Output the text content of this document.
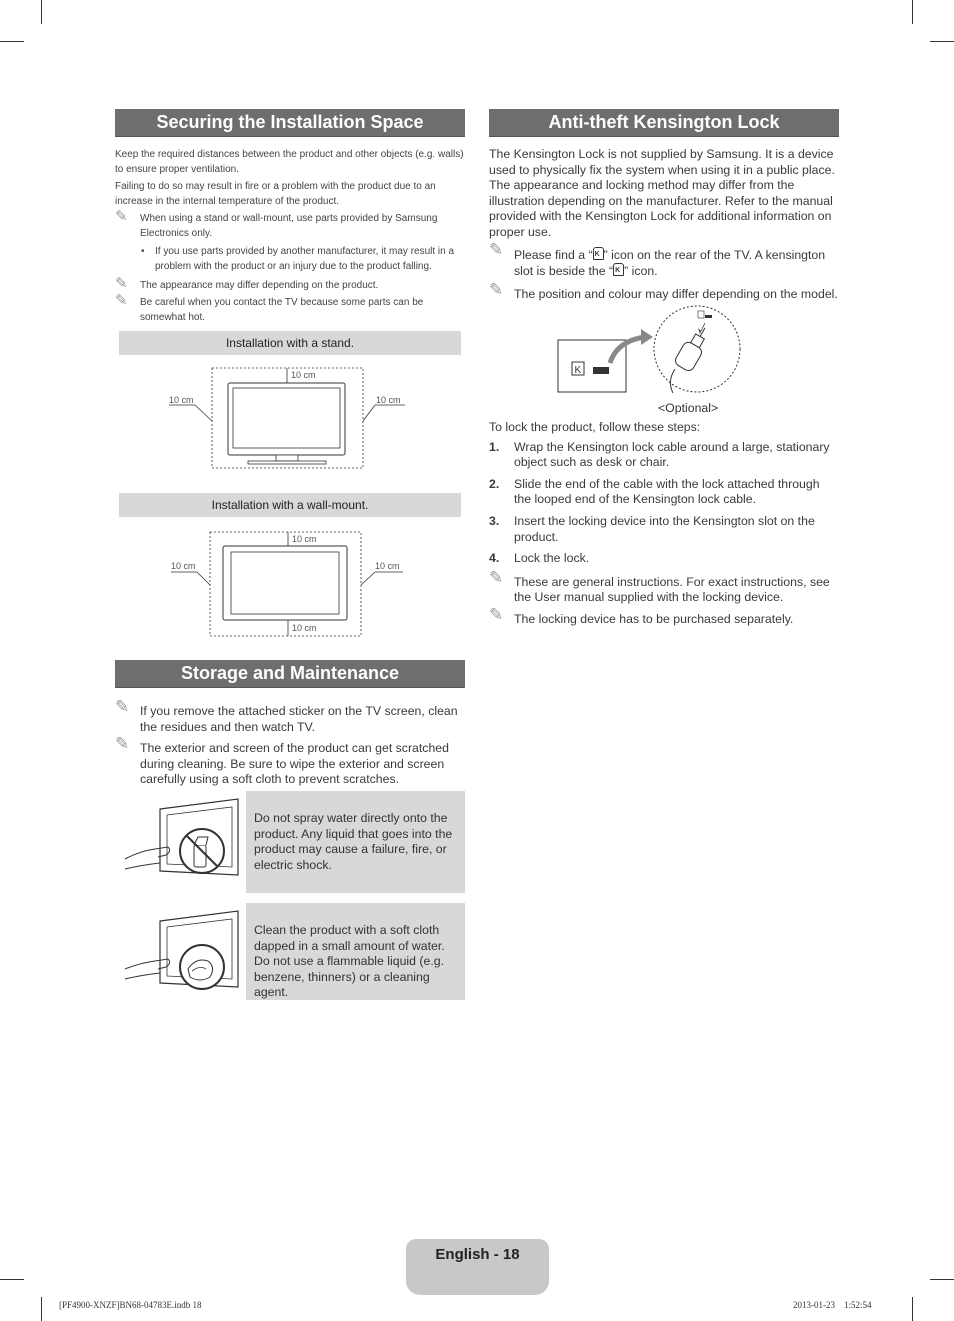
Securing the Installation Space

Keep the required distances between the product and other objects (e.g. walls) to ensure proper ventilation.

Failing to do so may result in fire or a problem with the product due to an increase in the internal temperature of the product.

✎ When using a stand or wall-mount, use parts provided by Samsung Electronics only.
• If you use parts provided by another manufacturer, it may result in a problem with the product or an injury due to the product falling.
✎ The appearance may differ depending on the product.
✎ Be careful when you contact the TV because some parts can be somewhat hot.
Installation with a stand.
10 cm
10 cm	10 cm
Installation with a wall-mount.
10 cm
10 cm
10 cm	10 cm
Storage and Maintenance
✎ If you remove the attached sticker on the TV screen, clean the residues and then watch TV.
✎ The exterior and screen of the product can get scratched during cleaning. Be sure to wipe the exterior and screen carefully using a soft cloth to prevent scratches.
Do not spray water directly onto the product. Any liquid that goes into the product may cause a failure, fire, or electric shock.
Clean the product with a soft cloth dapped in a small amount of water. Do not use a flammable liquid (e.g. benzene, thinners) or a cleaning agent.
Anti-theft Kensington Lock

The Kensington Lock is not supplied by Samsung. It is a device used to physically fix the system when using it in a public place. The appearance and locking method may differ from the illustration depending on the manufacturer. Refer to the manual provided with the Kensington Lock for additional information on proper use.

✎ Please find a “ K ” icon on the rear of the TV. A kensington slot is beside the “ K ” icon.
✎ The position and colour may differ depending on the model.
K
<Optional>

To lock the product, follow these steps:

1. Wrap the Kensington lock cable around a large, stationary object such as desk or chair.
2. Slide the end of the cable with the lock attached through the looped end of the Kensington lock cable.
3. Insert the locking device into the Kensington slot on the product.
4. Lock the lock.
✎ These are general instructions. For exact instructions, see the User manual supplied with the locking device.
✎ The locking device has to be purchased separately.
English - 18
[PF4900-XNZF]BN68-04783E.indb 18	2013-01-23    1:52:54
